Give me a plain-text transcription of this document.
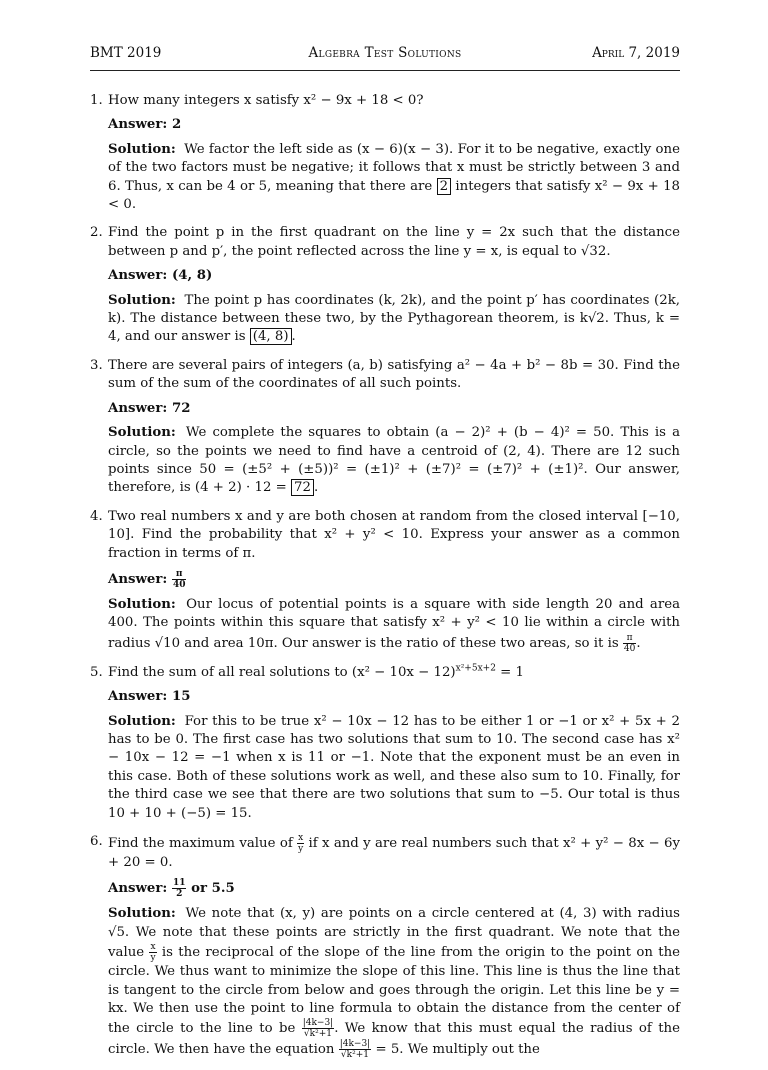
BMT 2019	Algebra Test Solutions	April 7, 2019
1. How many integers x satisfy x² − 9x + 18 < 0?

Answer: 2

Solution: We factor the left side as (x − 6)(x − 3). For it to be negative, exactly one of the two factors must be negative; it follows that x must be strictly between 3 and 6. Thus, x can be 4 or 5, meaning that there are 2 integers that satisfy x² − 9x + 18 < 0.

2. Find the point p in the first quadrant on the line y = 2x such that the distance between p and p′, the point reflected across the line y = x, is equal to √32.

Answer: (4, 8)

Solution: The point p has coordinates (k, 2k), and the point p′ has coordinates (2k, k). The distance between these two, by the Pythagorean theorem, is k√2. Thus, k = 4, and our answer is (4, 8) .

3. There are several pairs of integers (a, b) satisfying a² − 4a + b² − 8b = 30. Find the sum of the sum of the coordinates of all such points.

Answer: 72

Solution: We complete the squares to obtain (a − 2)² + (b − 4)² = 50. This is a circle, so the points we need to find have a centroid of (2, 4). There are 12 such points since 50 = (±5² + (±5))² = (±1)² + (±7)² = (±7)² + (±1)². Our answer, therefore, is (4 + 2) · 12 = 72 .

4. Two real numbers x and y are both chosen at random from the closed interval [−10, 10]. Find the probability that x² + y² < 10. Express your answer as a common fraction in terms of π.

Answer: $\frac{\pi}{40}$

Solution: Our locus of potential points is a square with side length 20 and area 400. The points within this square that satisfy x² + y² < 10 lie within a circle with radius √10 and area 10π. Our answer is the ratio of these two areas, so it is $\frac{\pi}{40}$ .

5. Find the sum of all real solutions to $(x^2 - 10x - 12)^{x^2+5x+2} = 1$

Answer: 15

Solution: For this to be true x² − 10x − 12 has to be either 1 or −1 or x² + 5x + 2 has to be 0. The first case has two solutions that sum to 10. The second case has x² − 10x − 12 = −1 when x is 11 or −1. Note that the exponent must be an even in this case. Both of these solutions work as well, and these also sum to 10. Finally, for the third case we see that there are two solutions that sum to −5. Our total is thus 10 + 10 + (−5) = 15.

6. Find the maximum value of $\frac{x}{y}$ if x and y are real numbers such that x² + y² − 8x − 6y + 20 = 0.

Answer: $\frac{11}{2}$ or 5.5

Solution: We note that (x, y) are points on a circle centered at (4, 3) with radius √5. We note that these points are strictly in the first quadrant. We note that the value $\frac{x}{y}$ is the reciprocal of the slope of the line from the origin to the point on the circle. We thus want to minimize the slope of this line. This line is thus the line that is tangent to the circle from below and goes through the origin. Let this line be y = kx. We then use the point to line formula to obtain the distance from the center of the circle to the line to be $\frac{|4k-3|}{\text{√k²+1}}$ . We know that this must equal the radius of the circle. We then have the equation $\frac{|4k-3|}{\text{√k²+1}} = 5$. We multiply out the
